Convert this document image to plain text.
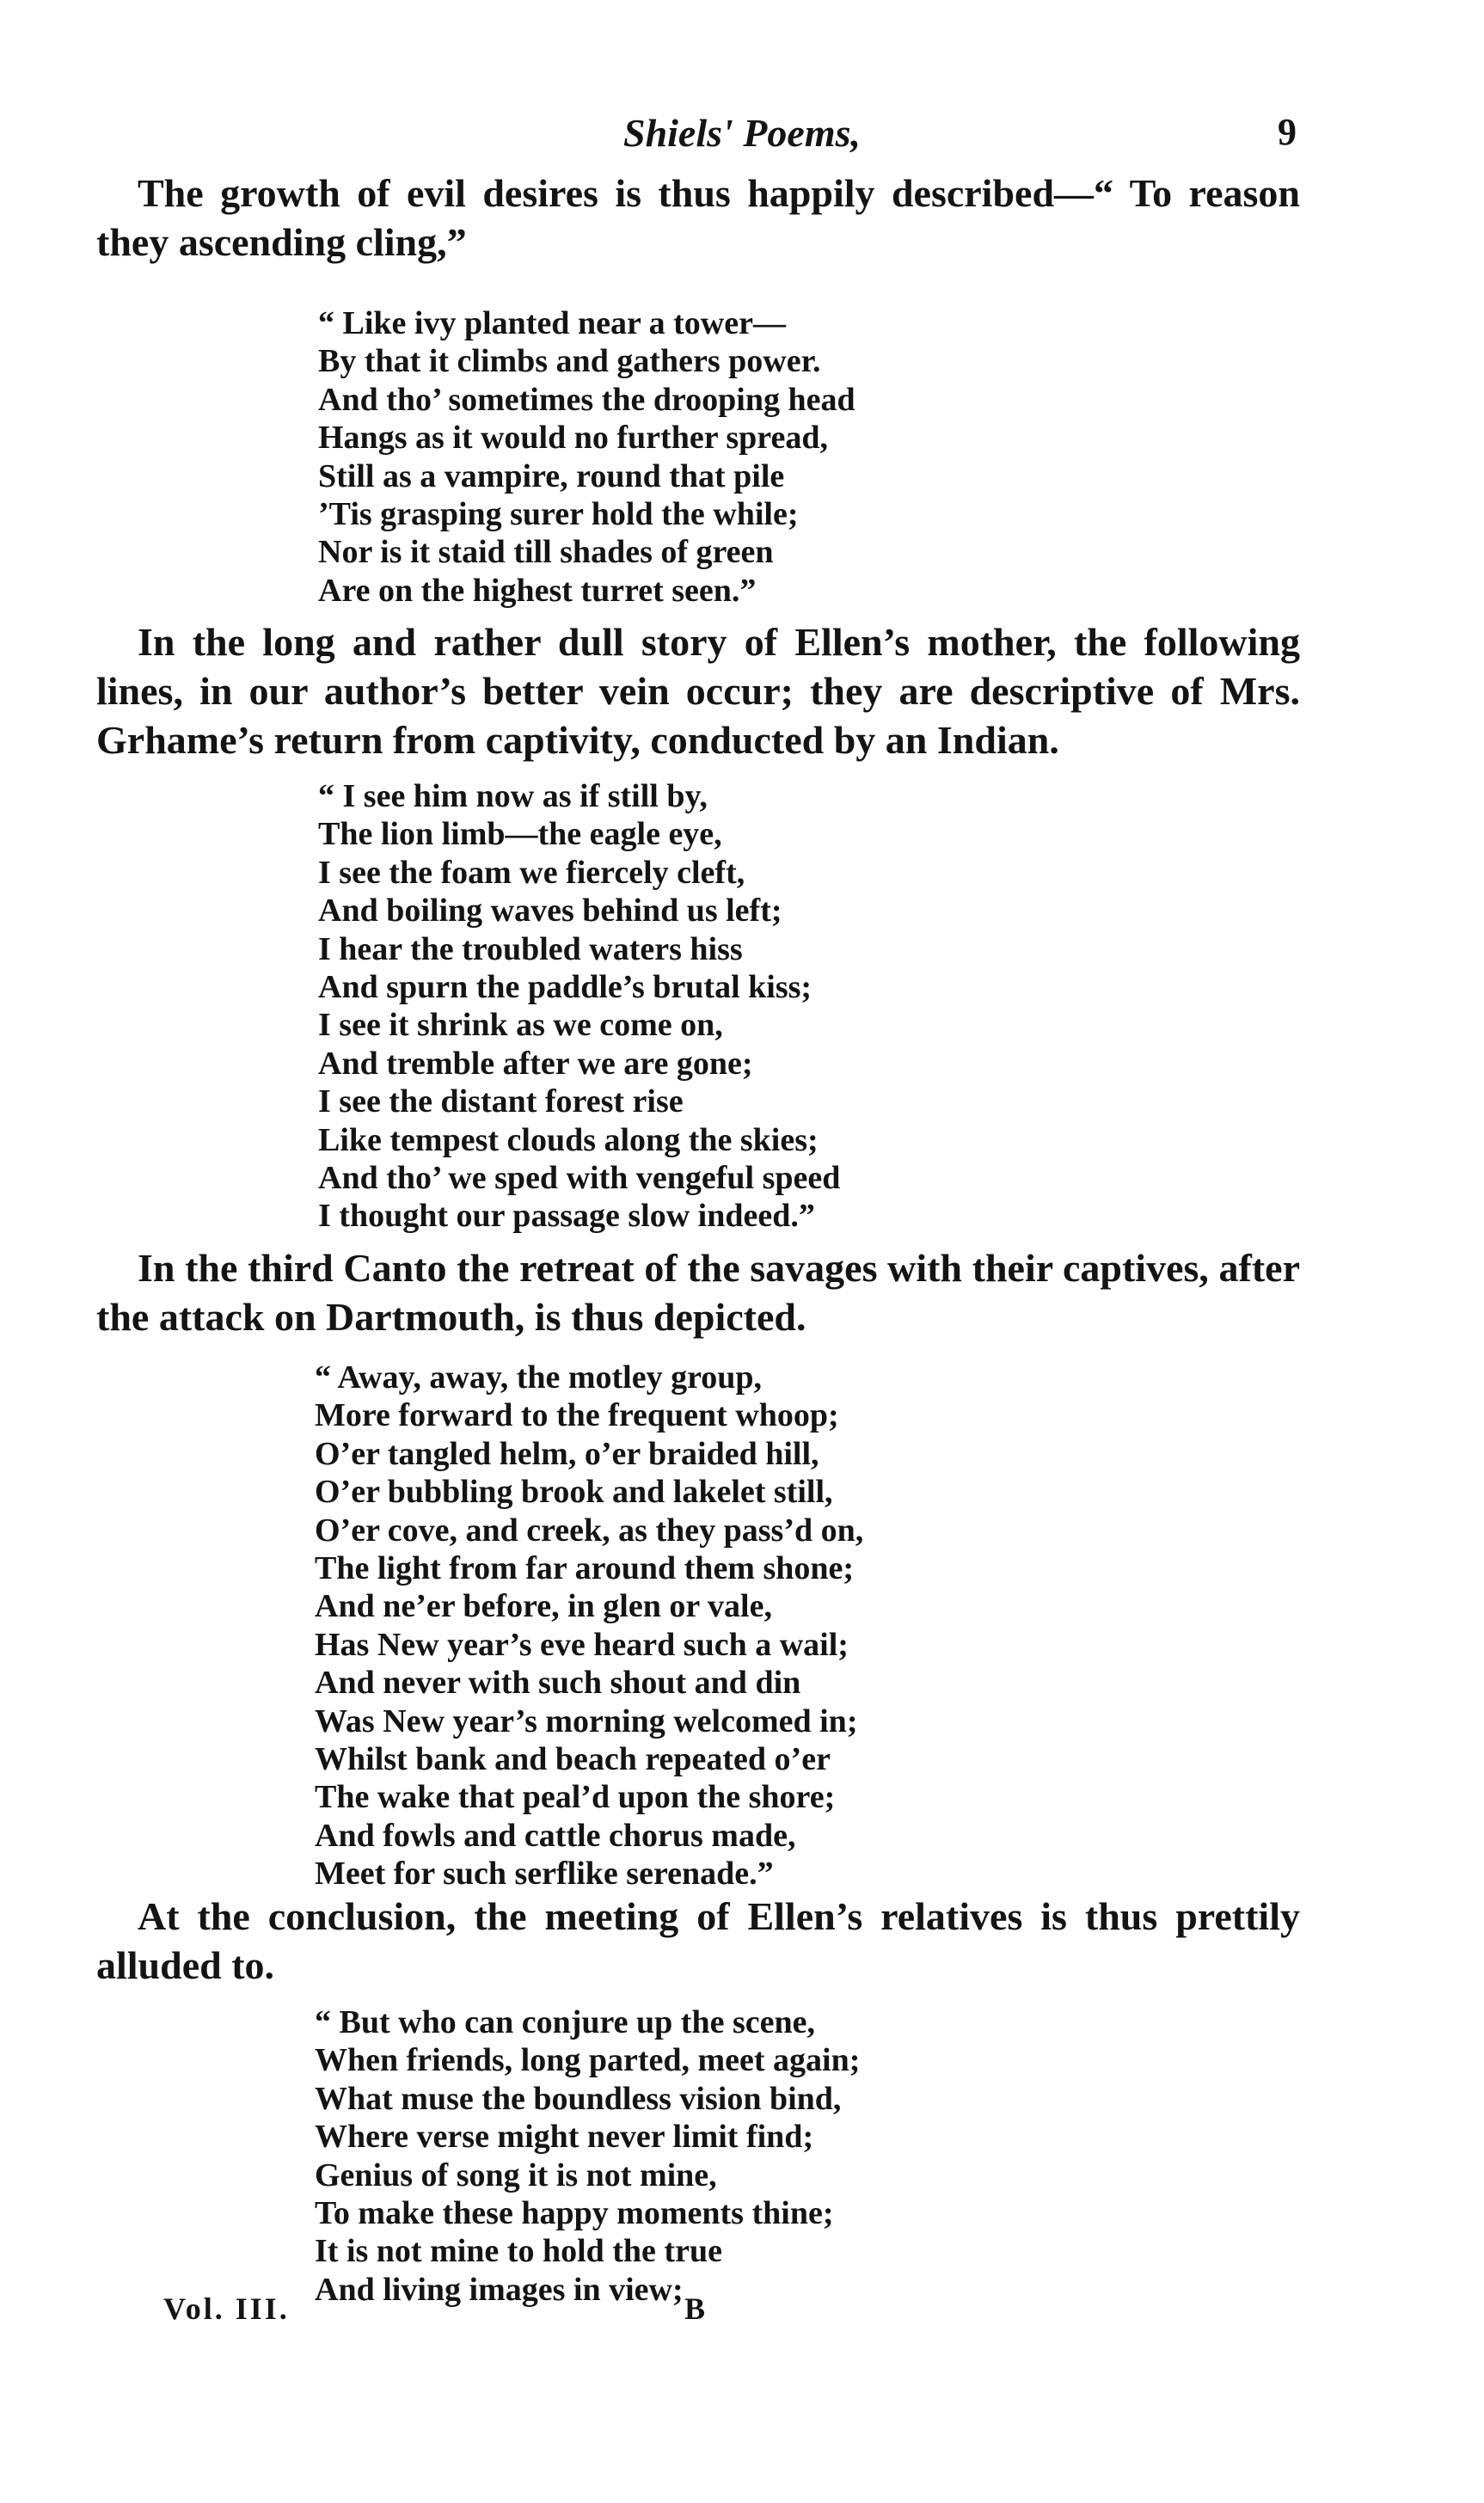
Shiels' Poems,	9

The growth of evil desires is thus happily described—“ To reason they ascending cling,”

“ Like ivy planted near a tower—
By that it climbs and gathers power.
And tho’ sometimes the drooping head
Hangs as it would no further spread,
Still as a vampire, round that pile
’Tis grasping surer hold the while;
Nor is it staid till shades of green
Are on the highest turret seen.”

In the long and rather dull story of Ellen’s mother, the following lines, in our author’s better vein occur; they are descriptive of Mrs. Grhame’s return from captivity, conducted by an Indian.

“ I see him now as if still by,
The lion limb—the eagle eye,
I see the foam we fiercely cleft,
And boiling waves behind us left;
I hear the troubled waters hiss
And spurn the paddle’s brutal kiss;
I see it shrink as we come on,
And tremble after we are gone;
I see the distant forest rise
Like tempest clouds along the skies;
And tho’ we sped with vengeful speed
I thought our passage slow indeed.”

In the third Canto the retreat of the savages with their captives, after the attack on Dartmouth, is thus depicted.

“ Away, away, the motley group,
More forward to the frequent whoop;
O’er tangled helm, o’er braided hill,
O’er bubbling brook and lakelet still,
O’er cove, and creek, as they pass’d on,
The light from far around them shone;
And ne’er before, in glen or vale,
Has New year’s eve heard such a wail;
And never with such shout and din
Was New year’s morning welcomed in;
Whilst bank and beach repeated o’er
The wake that peal’d upon the shore;
And fowls and cattle chorus made,
Meet for such serflike serenade.”

At the conclusion, the meeting of Ellen’s relatives is thus prettily alluded to.

“ But who can conjure up the scene,
When friends, long parted, meet again;
What muse the boundless vision bind,
Where verse might never limit find;
Genius of song it is not mine,
To make these happy moments thine;
It is not mine to hold the true
And living images in view;
Vol. III.	B
